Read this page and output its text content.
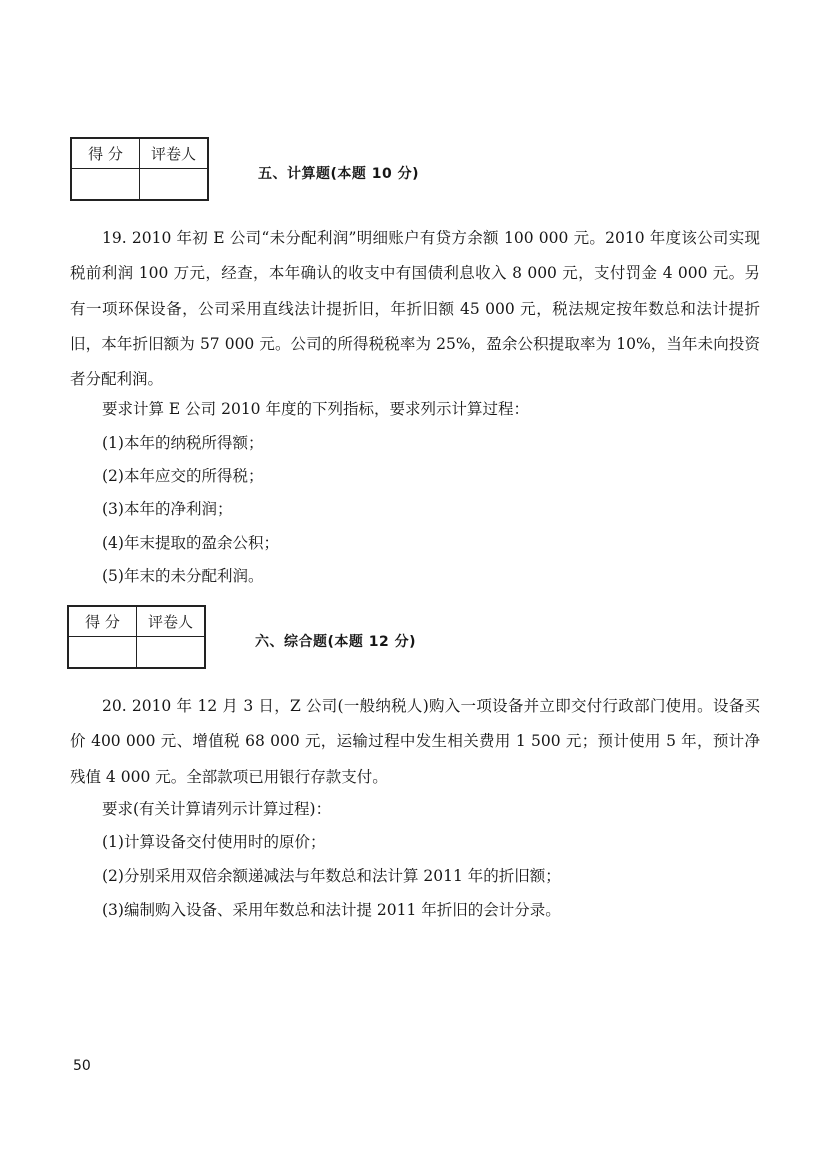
得 分	评卷人

五、计算题(本题 10 分)

19. 2010 年初 E 公司“未分配利润”明细账户有贷方余额 100 000 元。2010 年度该公司实现税前利润 100 万元，经查，本年确认的收支中有国债利息收入 8 000 元，支付罚金 4 000 元。另有一项环保设备，公司采用直线法计提折旧，年折旧额 45 000 元，税法规定按年数总和法计提折旧，本年折旧额为 57 000 元。公司的所得税税率为 25%，盈余公积提取率为 10%，当年未向投资者分配利润。

要求计算 E 公司 2010 年度的下列指标，要求列示计算过程：
(1)本年的纳税所得额；
(2)本年应交的所得税；
(3)本年的净利润；
(4)年末提取的盈余公积；
(5)年末的未分配利润。
得 分	评卷人

六、综合题(本题 12 分)

20. 2010 年 12 月 3 日，Z 公司(一般纳税人)购入一项设备并立即交付行政部门使用。设备买价 400 000 元、增值税 68 000 元，运输过程中发生相关费用 1 500 元；预计使用 5 年，预计净残值 4 000 元。全部款项已用银行存款支付。

要求(有关计算请列示计算过程)：
(1)计算设备交付使用时的原价；
(2)分别采用双倍余额递减法与年数总和法计算 2011 年的折旧额；
(3)编制购入设备、采用年数总和法计提 2011 年折旧的会计分录。
50
